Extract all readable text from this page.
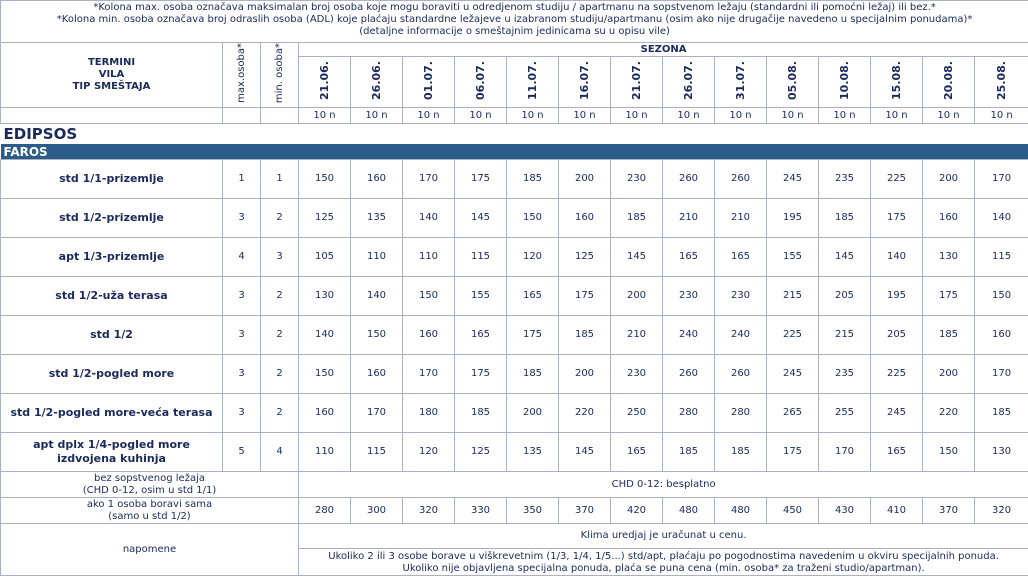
*Kolona max. osoba označava maksimalan broj osoba koje mogu boraviti u odredjenom studiju / apartmanu na sopstvenom ležaju (standardni ili pomoćni ležaj) ili bez.*
*Kolona min. osoba označava broj odraslih osoba (ADL) koje plaćaju standardne ležajeve u izabranom studiju/apartmanu (osim ako nije drugačije navedeno u specijalnim ponudama)*
(detaljne informacije o smeštajnim jedinicama su u opisu vile)																

TERMINI
VILA
TIP SMEŠTAJA	max.osoba*	min. osoba*	SEZONA													
			21.06.	26.06.	01.07.	06.07.	11.07.	16.07.	21.07.	26.07.	31.07.	05.08.	10.08.	15.08.	20.08.	25.08.
			10 n	10 n	10 n	10 n	10 n	10 n	10 n	10 n	10 n	10 n	10 n	10 n	10 n	10 n
EDIPSOS																
FAROS																
std 1/1-prizemlje	1	1	150	160	170	175	185	200	230	260	260	245	235	225	200	170
std 1/2-prizemlje	3	2	125	135	140	145	150	160	185	210	210	195	185	175	160	140
apt 1/3-prizemlje	4	3	105	110	110	115	120	125	145	165	165	155	145	140	130	115
std 1/2-uža terasa	3	2	130	140	150	155	165	175	200	230	230	215	205	195	175	150
std 1/2	3	2	140	150	160	165	175	185	210	240	240	225	215	205	185	160
std 1/2-pogled more	3	2	150	160	170	175	185	200	230	260	260	245	235	225	200	170
std 1/2-pogled more-veća terasa	3	2	160	170	180	185	200	220	250	280	280	265	255	245	220	185

apt dplx 1/4-pogled more
izdvojena kuhinja	5	4	110	115	120	125	135	145	165	185	185	175	170	165	150	130

bez sopstvenog ležaja
(CHD 0-12, osim u std 1/1)			CHD 0-12: besplatno													

ako 1 osoba boravi sama
(samo u std 1/2)			280	300	320	330	350	370	420	480	480	450	430	410	370	320
napomene			Klima uredjaj je uračunat u cenu.
Ukoliko 2 ili 3 osobe borave u viškrevetnim (1/3, 1/4, 1/5...) std/apt, plaćaju po pogodnostima navedenim u okviru specijalnih ponuda.
Ukoliko nije objavljena specijalna ponuda, plaća se puna cena (min. osoba* za traženi studio/apartman).													
